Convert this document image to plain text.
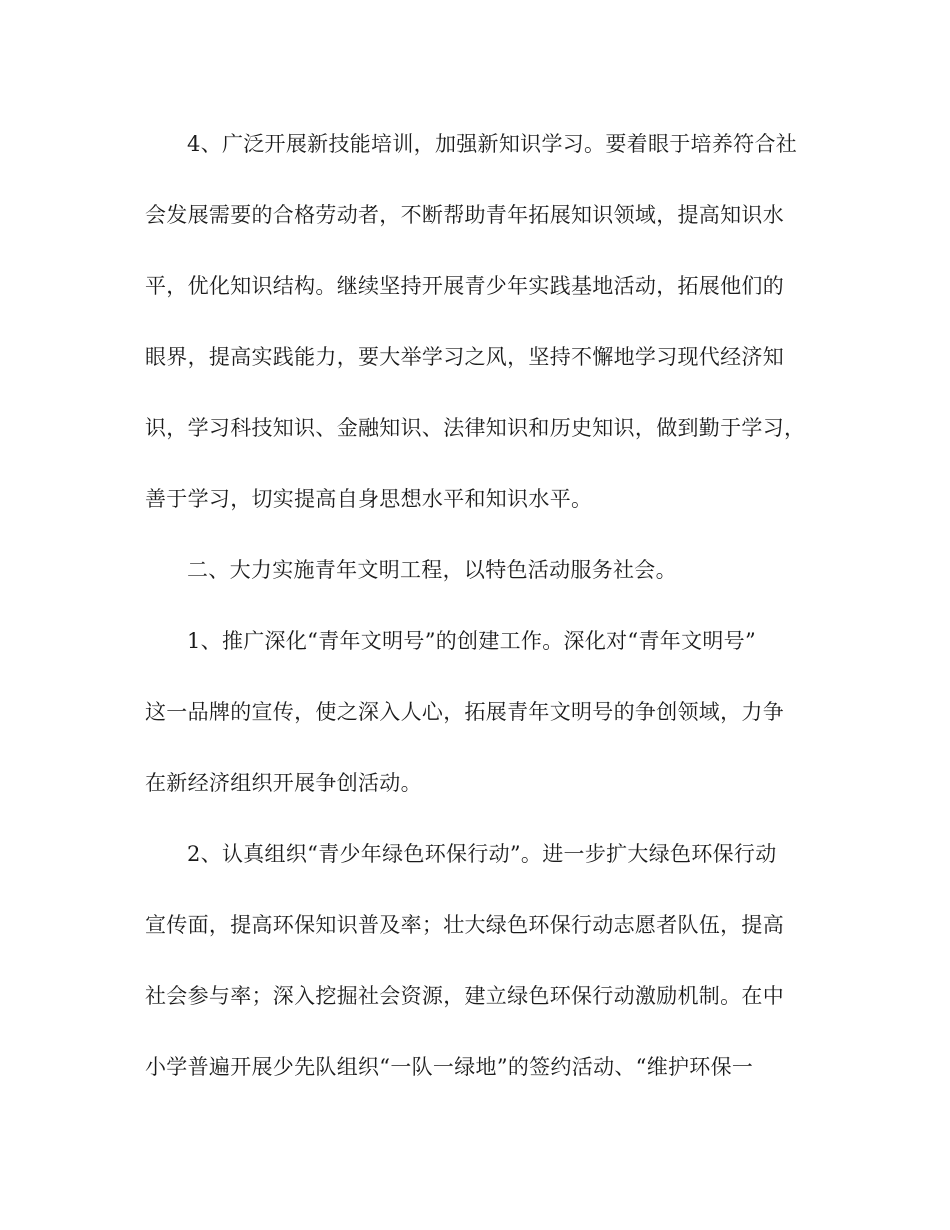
4、广泛开展新技能培训，加强新知识学习。要着眼于培养符合社
会发展需要的合格劳动者，不断帮助青年拓展知识领域，提高知识水
平，优化知识结构。继续坚持开展青少年实践基地活动，拓展他们的
眼界，提高实践能力，要大举学习之风，坚持不懈地学习现代经济知
识，学习科技知识、金融知识、法律知识和历史知识，做到勤于学习，
善于学习，切实提高自身思想水平和知识水平。
二、大力实施青年文明工程，以特色活动服务社会。
1、推广深化“青年文明号”的创建工作。深化对“青年文明号”
这一品牌的宣传，使之深入人心，拓展青年文明号的争创领域，力争
在新经济组织开展争创活动。
2、认真组织“青少年绿色环保行动”。进一步扩大绿色环保行动
宣传面，提高环保知识普及率；壮大绿色环保行动志愿者队伍，提高
社会参与率；深入挖掘社会资源，建立绿色环保行动激励机制。在中
小学普遍开展少先队组织“一队一绿地”的签约活动、“维护环保一
